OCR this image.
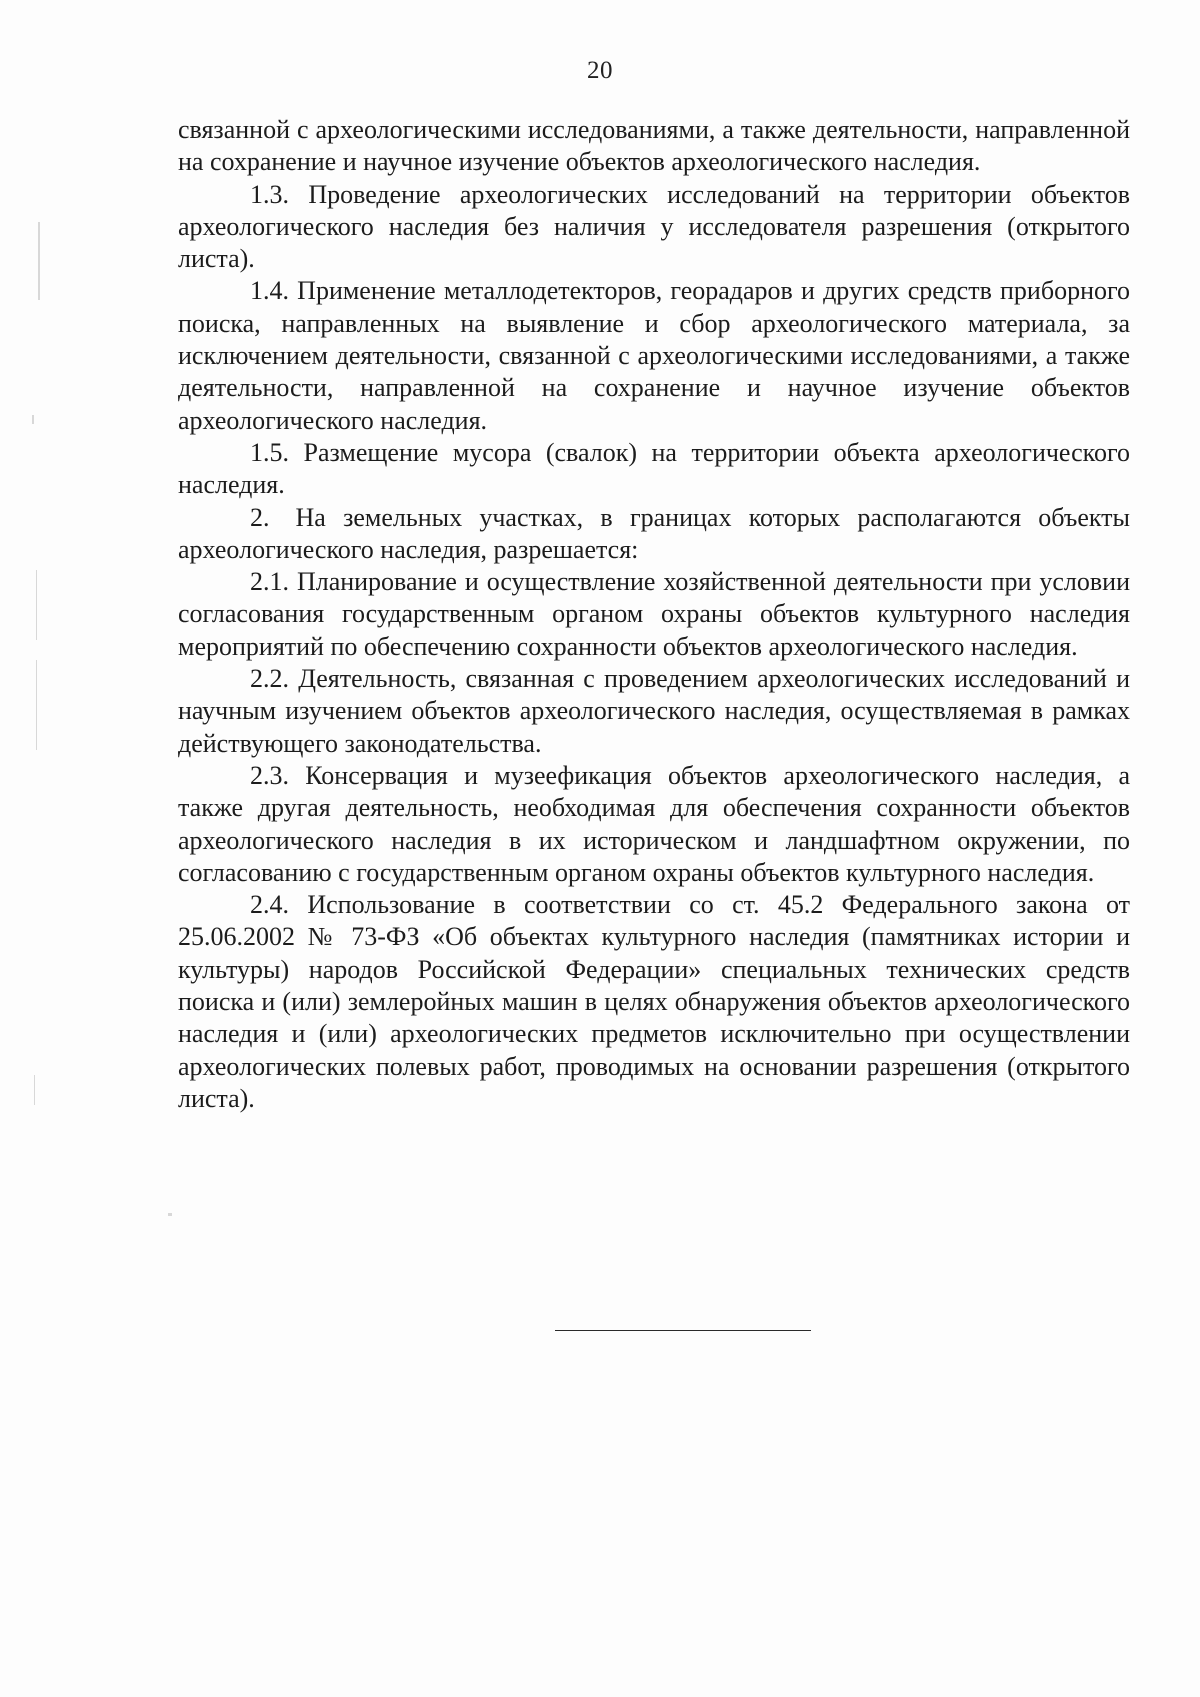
20

связанной с археологическими исследованиями, а также деятельности, направленной на сохранение и научное изучение объектов археологического наследия.

1.3. Проведение археологических исследований на территории объектов археологического наследия без наличия у исследователя разрешения (открытого листа).

1.4. Применение металлодетекторов, георадаров и других средств приборного поиска, направленных на выявление и сбор археологического материала, за исключением деятельности, связанной с археологическими исследованиями, а также деятельности, направленной на сохранение и научное изучение объектов археологического наследия.

1.5. Размещение мусора (свалок) на территории объекта археологического наследия.

2. На земельных участках, в границах которых располагаются объекты археологического наследия, разрешается:

2.1. Планирование и осуществление хозяйственной деятельности при условии согласования государственным органом охраны объектов культурного наследия мероприятий по обеспечению сохранности объектов археологического наследия.

2.2. Деятельность, связанная с проведением археологических исследований и научным изучением объектов археологического наследия, осуществляемая в рамках действующего законодательства.

2.3. Консервация и музеефикация объектов археологического наследия, а также другая деятельность, необходимая для обеспечения сохранности объектов археологического наследия в их историческом и ландшафтном окружении, по согласованию с государственным органом охраны объектов культурного наследия.

2.4. Использование в соответствии со ст. 45.2 Федерального закона от 25.06.2002 № 73-ФЗ «Об объектах культурного наследия (памятниках истории и культуры) народов Российской Федерации» специальных технических средств поиска и (или) землеройных машин в целях обнаружения объектов археологического наследия и (или) археологических предметов исключительно при осуществлении археологических полевых работ, проводимых на основании разрешения (открытого листа).
